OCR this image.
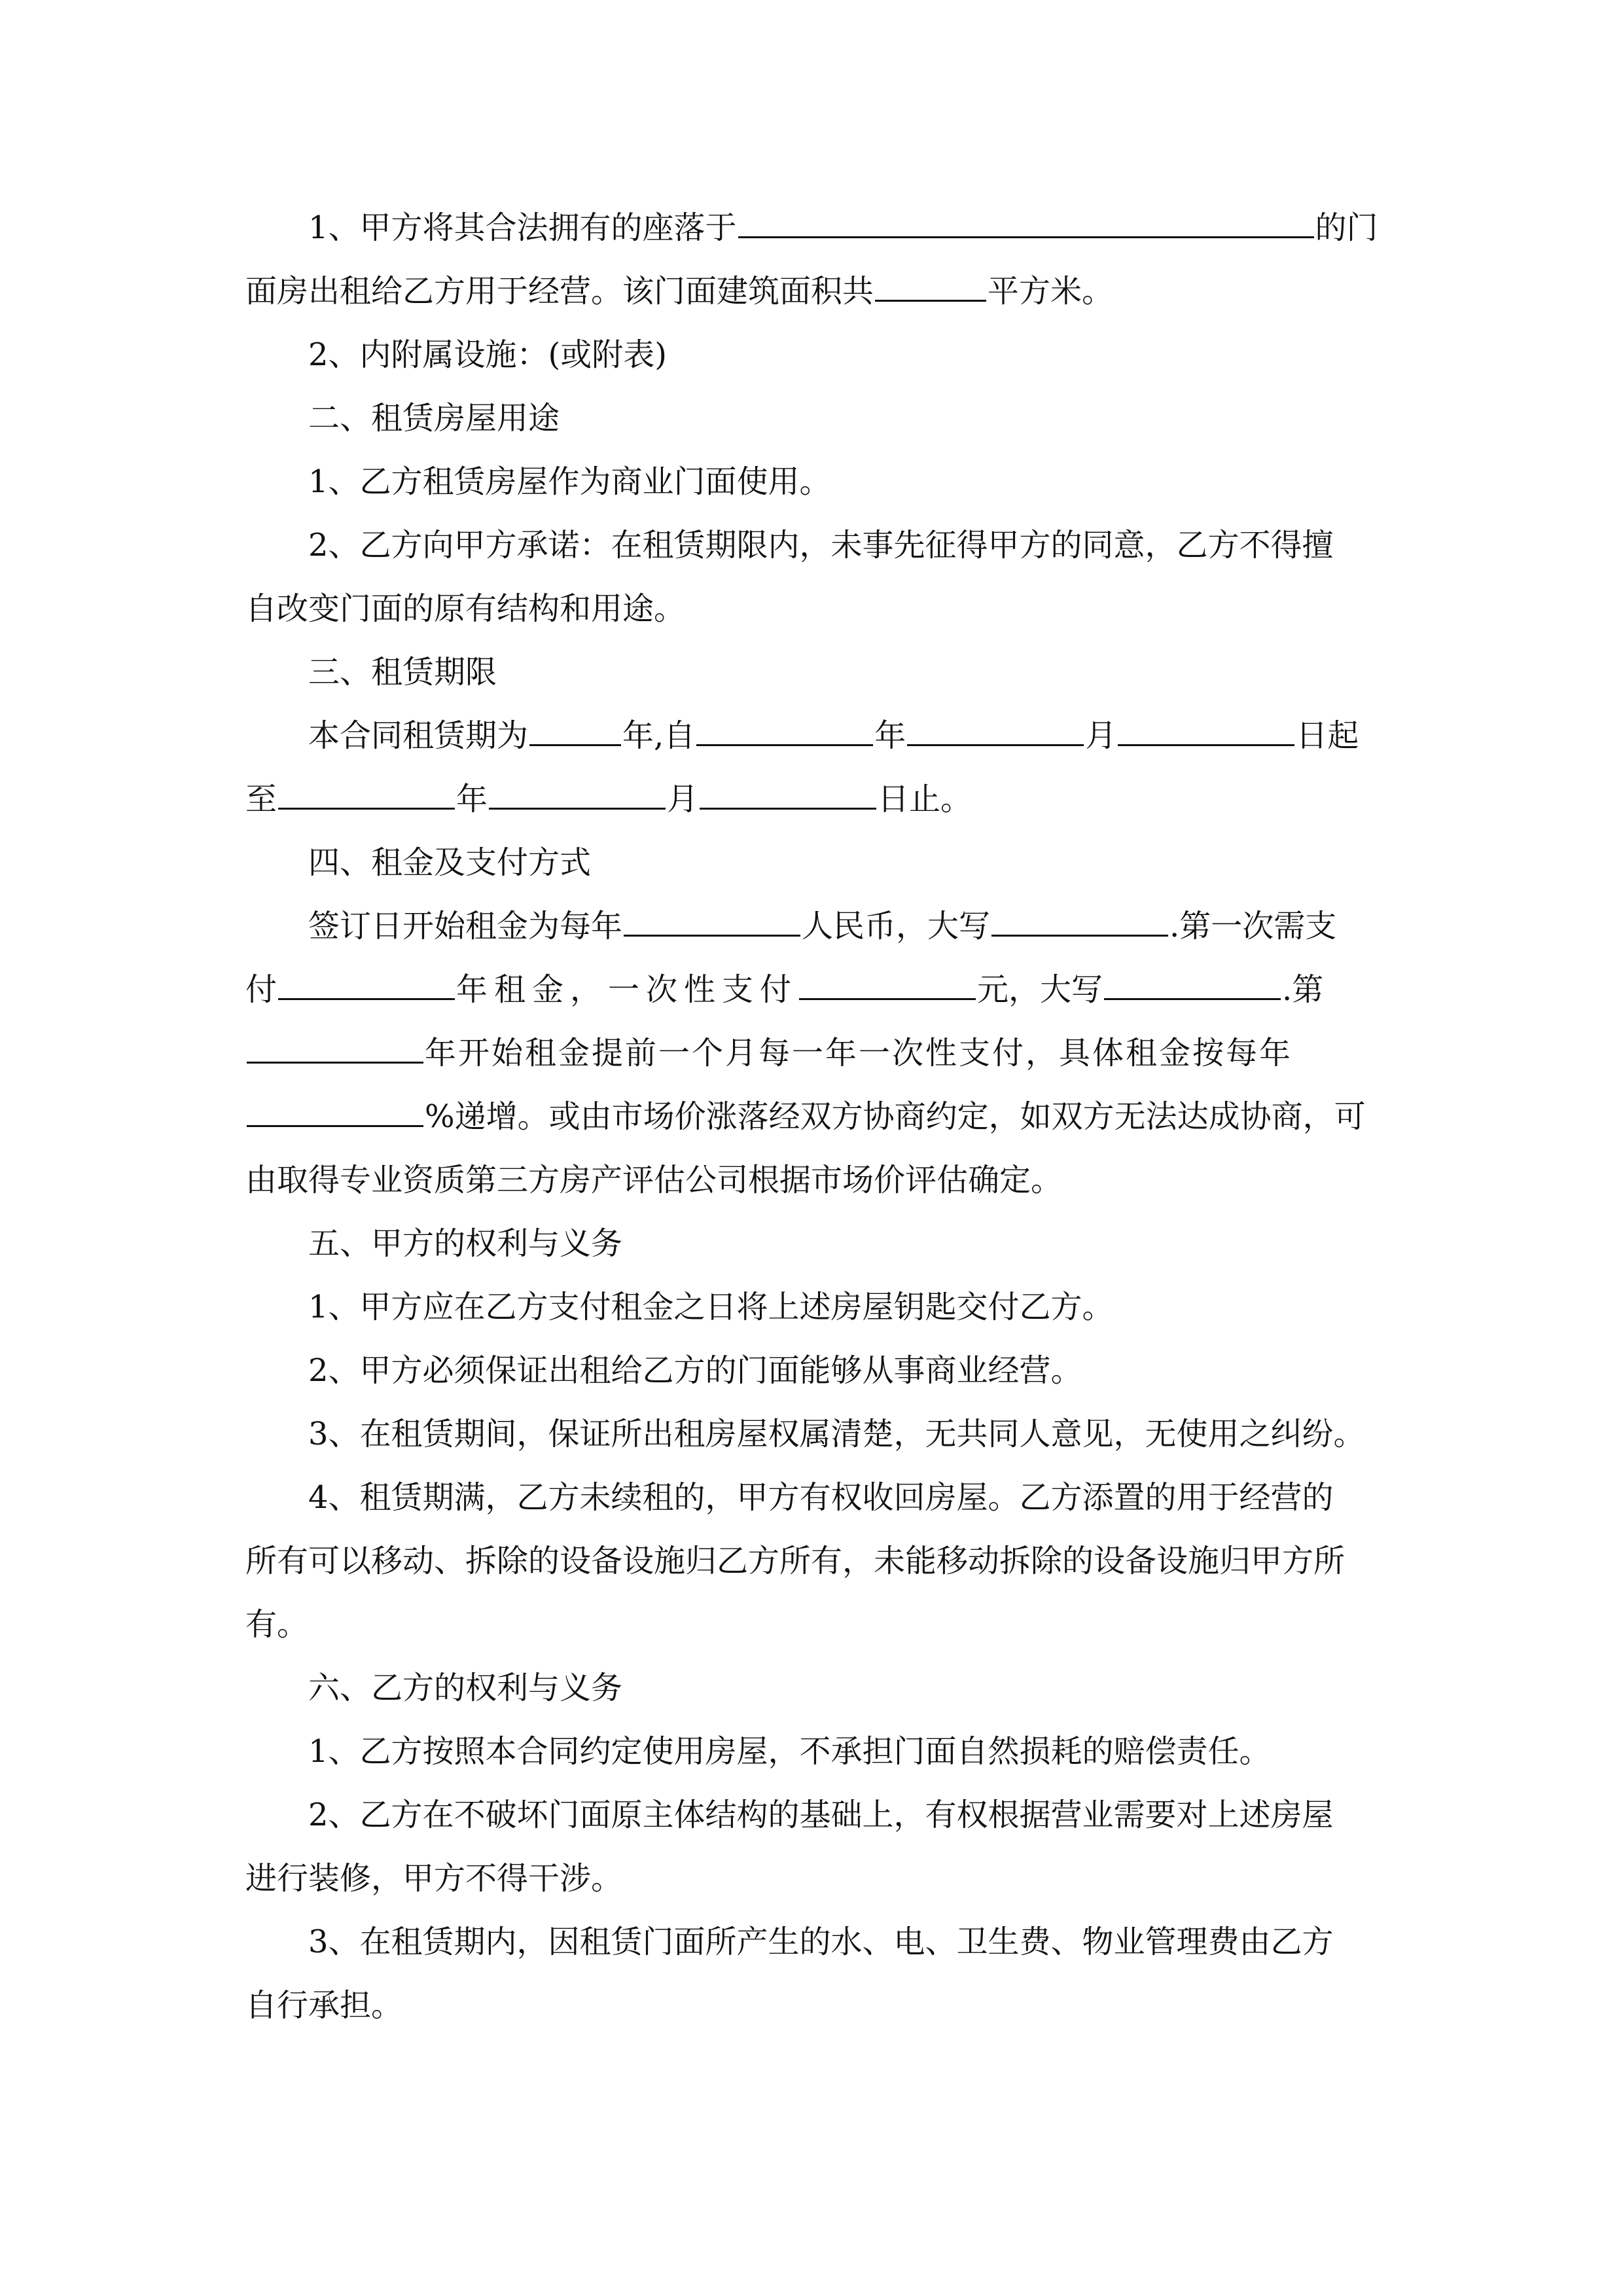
1、甲方将其合法拥有的座落于	的门

面房出租给乙方用于经营。该门面建筑面积共	平方米。

2、内附属设施：(或附表)

二、租赁房屋用途

1、乙方租赁房屋作为商业门面使用。

2、乙方向甲方承诺：在租赁期限内，未事先征得甲方的同意，乙方不得擅

自改变门面的原有结构和用途。

三、租赁期限

本合同租赁期为	年,自	年	月	日起

至	年	月	日止。

四、租金及支付方式

签订日开始租金为每年	人民币，大写	.第一次需支

付	年租金，一次性支付	元，大写	.第

年开始租金提前一个月每一年一次性支付，具体租金按每年

%递增。或由市场价涨落经双方协商约定，如双方无法达成协商，可

由取得专业资质第三方房产评估公司根据市场价评估确定。

五、甲方的权利与义务

1、甲方应在乙方支付租金之日将上述房屋钥匙交付乙方。

2、甲方必须保证出租给乙方的门面能够从事商业经营。

3、在租赁期间，保证所出租房屋权属清楚，无共同人意见，无使用之纠纷。

4、租赁期满，乙方未续租的，甲方有权收回房屋。乙方添置的用于经营的

所有可以移动、拆除的设备设施归乙方所有，未能移动拆除的设备设施归甲方所

有。

六、乙方的权利与义务

1、乙方按照本合同约定使用房屋，不承担门面自然损耗的赔偿责任。

2、乙方在不破坏门面原主体结构的基础上，有权根据营业需要对上述房屋

进行装修，甲方不得干涉。

3、在租赁期内，因租赁门面所产生的水、电、卫生费、物业管理费由乙方

自行承担。
